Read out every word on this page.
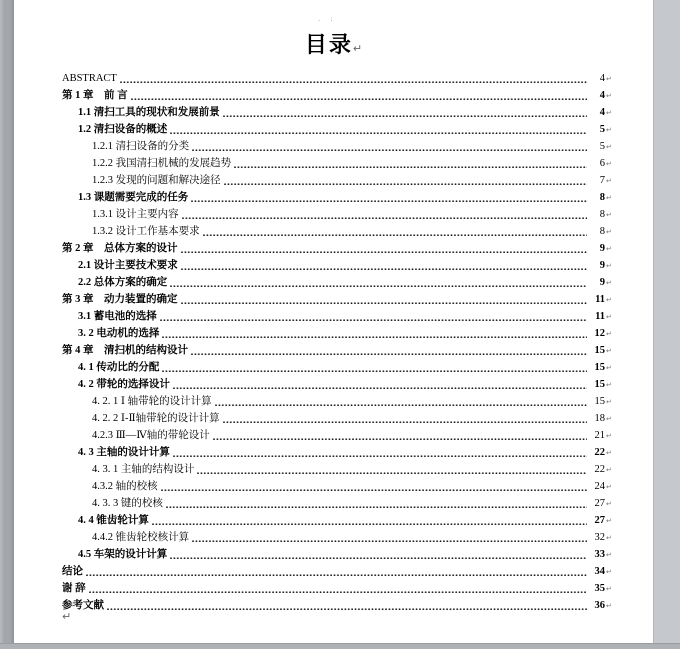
. :
目录↵
ABSTRACT	4 ↵
第 1 章　前 言	4 ↵
1.1 清扫工具的现状和发展前景	4 ↵
1.2 清扫设备的概述	5 ↵
1.2.1 清扫设备的分类	5 ↵
1.2.2 我国清扫机械的发展趋势	6 ↵
1.2.3 发现的问题和解决途径	7 ↵
1.3 课题需要完成的任务	8 ↵
1.3.1 设计主要内容	8 ↵
1.3.2 设计工作基本要求	8 ↵
第 2 章　总体方案的设计	9 ↵
2.1 设计主要技术要求	9 ↵
2.2 总体方案的确定	9 ↵
第 3 章　动力装置的确定	11 ↵
3.1 蓄电池的选择	11 ↵
3. 2 电动机的选择	12 ↵
第 4 章　清扫机的结构设计	15 ↵
4. 1 传动比的分配	15 ↵
4. 2 带轮的选择设计	15 ↵
4. 2. 1 Ⅰ 轴带轮的设计计算	15 ↵
4. 2. 2 Ⅰ-Ⅱ轴带轮的设计计算	18 ↵
4.2.3 Ⅲ—Ⅳ轴的带轮设计	21 ↵
4. 3 主轴的设计计算	22 ↵
4. 3. 1 主轴的结构设计	22 ↵
4.3.2 轴的校核	24 ↵
4. 3. 3 键的校核	27 ↵
4. 4 锥齿轮计算	27 ↵
4.4.2 锥齿轮校核计算	32 ↵
4.5 车架的设计计算	33 ↵
结论	34 ↵
谢 辞	35 ↵
参考文献	36 ↵
↵
